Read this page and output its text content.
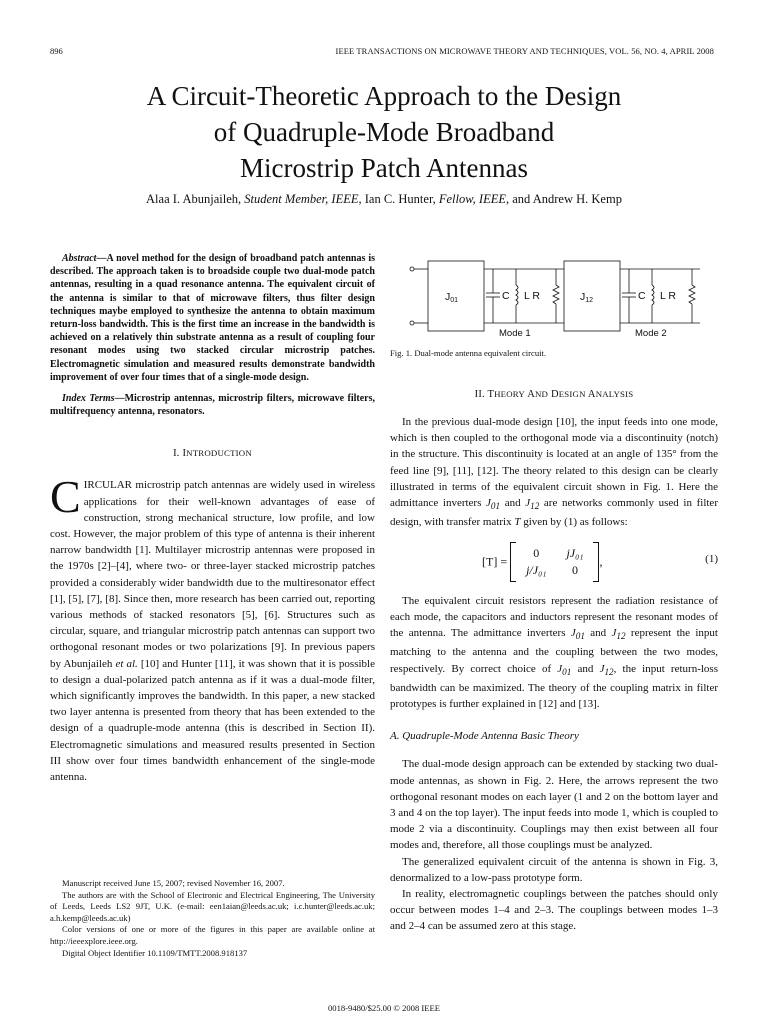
896	IEEE TRANSACTIONS ON MICROWAVE THEORY AND TECHNIQUES, VOL. 56, NO. 4, APRIL 2008
A Circuit-Theoretic Approach to the Design
of Quadruple-Mode Broadband
Microstrip Patch Antennas
Alaa I. Abunjaileh, Student Member, IEEE, Ian C. Hunter, Fellow, IEEE, and Andrew H. Kemp

Abstract—A novel method for the design of broadband patch antennas is described. The approach taken is to broadside couple two dual-mode patch antennas, resulting in a quad resonance antenna. The equivalent circuit of the antenna is similar to that of microwave filters, thus filter design techniques maybe employed to synthesize the antenna to obtain maximum return-loss bandwidth. This is the first time an increase in the bandwidth is achieved on a relatively thin substrate antenna as a result of coupling four resonant modes using two stacked circular microstrip patches. Electromagnetic simulation and measured results demonstrate bandwidth improvement of over four times that of a single-mode design.

Index Terms—Microstrip antennas, microstrip filters, microwave filters, multifrequency antenna, resonators.

I. INTRODUCTION

CIRCULAR microstrip patch antennas are widely used in wireless applications for their well-known advantages of ease of construction, strong mechanical structure, low profile, and low cost. However, the major problem of this type of antenna is their inherent narrow bandwidth [1]. Multilayer microstrip antennas were proposed in the 1970s [2]–[4], where two- or three-layer stacked microstrip patches provided a considerably wider bandwidth due to the multiresonator effect [1], [5], [7], [8]. Since then, more research has been carried out, reporting various methods of stacked resonators [5], [6]. Structures such as circular, square, and triangular microstrip patch antennas can support two orthogonal resonant modes or two polarizations [9]. In previous papers by Abunjaileh et al. [10] and Hunter [11], it was shown that it is possible to design a dual-polarized patch antenna as if it was a dual-mode filter, which significantly improves the bandwidth. In this paper, a new stacked two layer antenna is presented from theory that has been extended to the design of a quadruple-mode antenna (this is described in Section II). Electromagnetic simulations and measured results presented in Section III show over four times bandwidth enhancement of the single-mode antenna.

Manuscript received June 15, 2007; revised November 16, 2007.
The authors are with the School of Electronic and Electrical Engineering, The University of Leeds, Leeds LS2 9JT, U.K. (e-mail: een1aian@leeds.ac.uk; i.c.hunter@leeds.ac.uk; a.h.kemp@leeds.ac.uk)
Color versions of one or more of the figures in this paper are available online at http://ieeexplore.ieee.org.
Digital Object Identifier 10.1109/TMTT.2008.918137
J01	J12
C L R	C L R
Mode 1	Mode 2
Fig. 1. Dual-mode antenna equivalent circuit.
II. THEORY AND DESIGN ANALYSIS

In the previous dual-mode design [10], the input feeds into one mode, which is then coupled to the orthogonal mode via a discontinuity (notch) in the structure. This discontinuity is located at an angle of 135° from the feed line [9], [11], [12]. The theory related to this design can be clearly illustrated in terms of the equivalent circuit shown in Fig. 1. Here the admittance inverters $J_{01}$ and $J_{12}$ are networks commonly used in filter design, with transfer matrix T given by (1) as follows:

[T] =
0	jJ₀₁
j/J₀₁	0
,	(1)

The equivalent circuit resistors represent the radiation resistance of each mode, the capacitors and inductors represent the resonant modes of the antenna. The admittance inverters $J_{01}$ and $J_{12}$ represent the input matching to the antenna and the coupling between the two modes, respectively. By correct choice of $J_{01}$ and $J_{12}$, the input return-loss bandwidth can be maximized. The theory of the coupling matrix in filter prototypes is further explained in [12] and [13].

A. Quadruple-Mode Antenna Basic Theory

The dual-mode design approach can be extended by stacking two dual-mode antennas, as shown in Fig. 2. Here, the arrows represent the two orthogonal resonant modes on each layer (1 and 2 on the bottom layer and 3 and 4 on the top layer). The input feeds into mode 1, which is coupled to mode 2 via a discontinuity. Couplings may then exist between all four modes and, therefore, all those couplings must be analyzed.

The generalized equivalent circuit of the antenna is shown in Fig. 3, denormalized to a low-pass prototype form.

In reality, electromagnetic couplings between the patches should only occur between modes 1–4 and 2–3. The couplings between modes 1–3 and 2–4 can be assumed zero at this stage.

0018-9480/$25.00 © 2008 IEEE
